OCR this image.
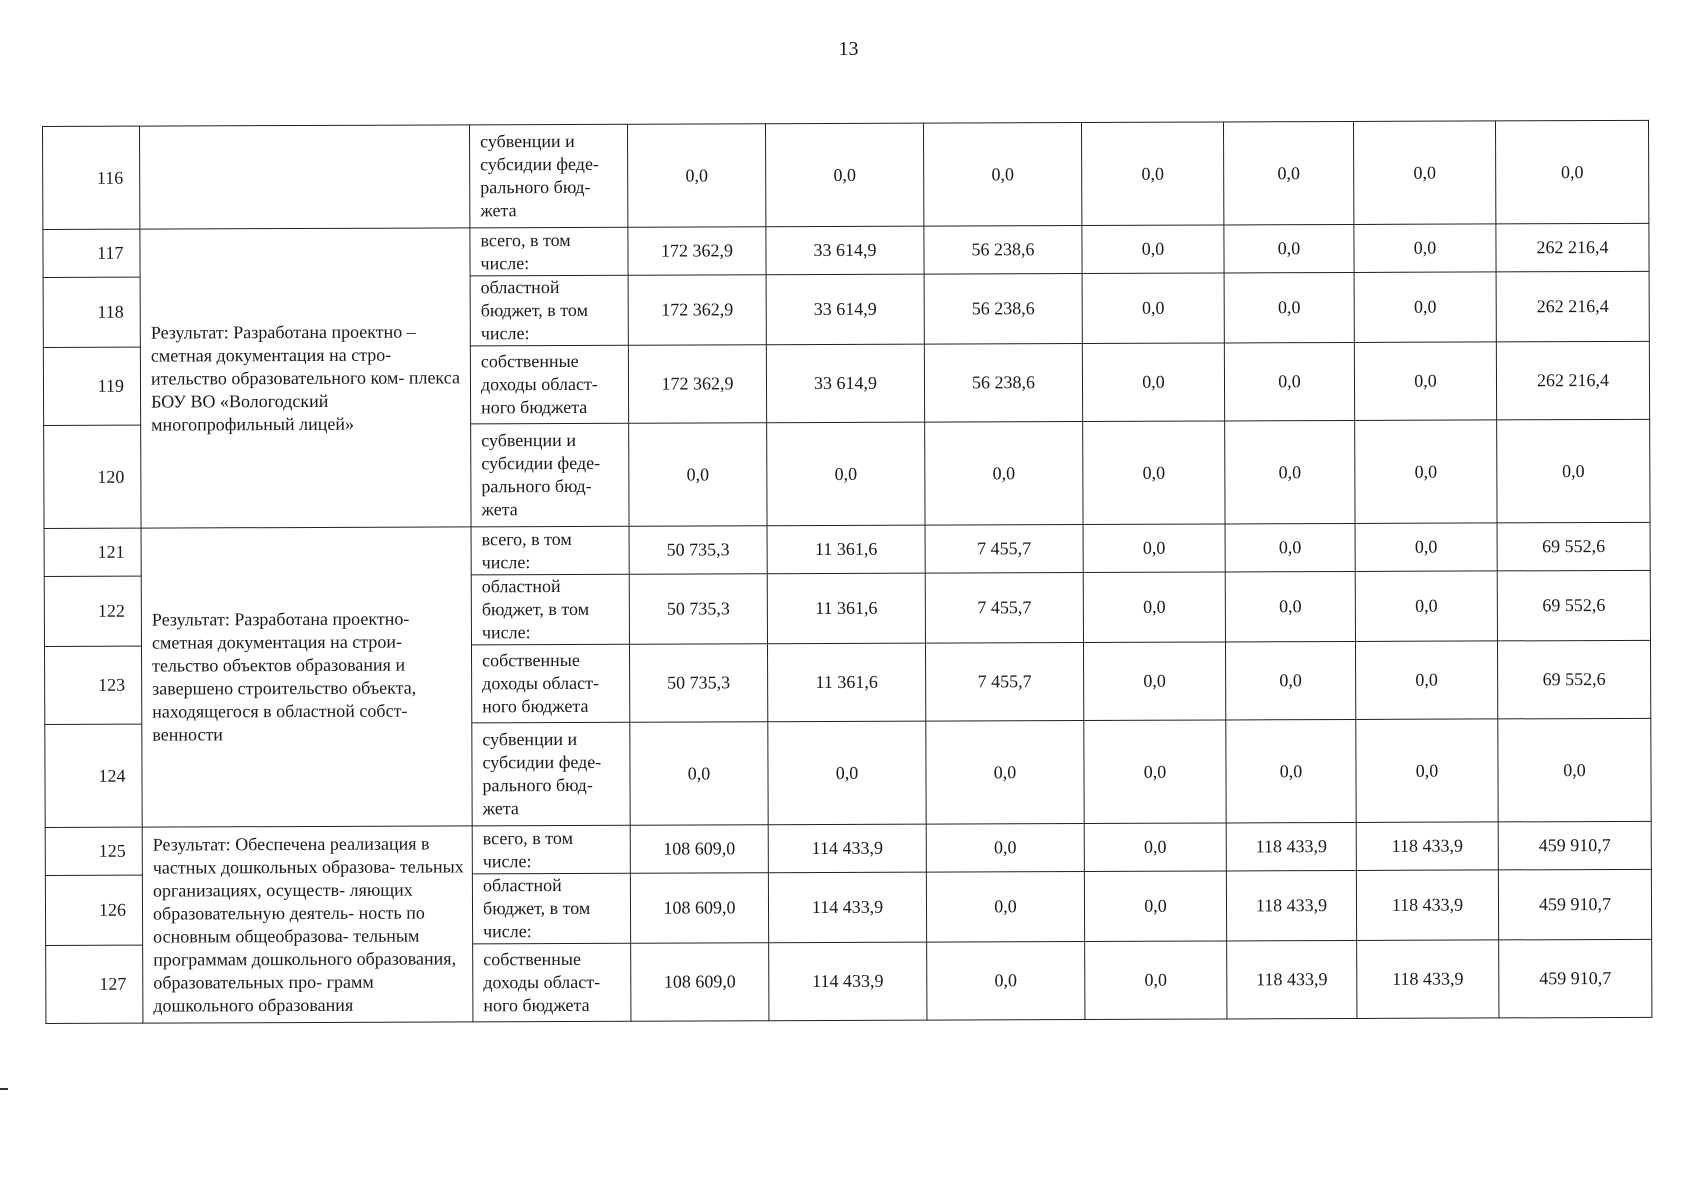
13
116		субвенции и субсидии феде- рального бюд- жета	0,0	0,0	0,0	0,0	0,0	0,0	0,0
117	Результат: Разработана проектно – сметная документация на стро- ительство образовательного ком- плекса БОУ ВО «Вологодский многопрофильный лицей»	всего, в том числе:	172 362,9	33 614,9	56 238,6	0,0	0,0	0,0	262 216,4
118		областной бюджет, в том числе:	172 362,9	33 614,9	56 238,6	0,0	0,0	0,0	262 216,4
119		собственные доходы област- ного бюджета	172 362,9	33 614,9	56 238,6	0,0	0,0	0,0	262 216,4
120		субвенции и субсидии феде- рального бюд- жета	0,0	0,0	0,0	0,0	0,0	0,0	0,0
121	Результат: Разработана проектно- сметная документация на строи- тельство объектов образования и завершено строительство объекта, находящегося в областной собст- венности	всего, в том числе:	50 735,3	11 361,6	7 455,7	0,0	0,0	0,0	69 552,6
122		областной бюджет, в том числе:	50 735,3	11 361,6	7 455,7	0,0	0,0	0,0	69 552,6
123		собственные доходы област- ного бюджета	50 735,3	11 361,6	7 455,7	0,0	0,0	0,0	69 552,6
124		субвенции и субсидии феде- рального бюд- жета	0,0	0,0	0,0	0,0	0,0	0,0	0,0
125	Результат: Обеспечена реализация в частных дошкольных образова- тельных организациях, осуществ- ляющих образовательную деятель- ность по основным общеобразова- тельным программам дошкольного образования, образовательных про- грамм дошкольного образования	всего, в том числе:	108 609,0	114 433,9	0,0	0,0	118 433,9	118 433,9	459 910,7
126		областной бюджет, в том числе:	108 609,0	114 433,9	0,0	0,0	118 433,9	118 433,9	459 910,7
127		собственные доходы област- ного бюджета	108 609,0	114 433,9	0,0	0,0	118 433,9	118 433,9	459 910,7
